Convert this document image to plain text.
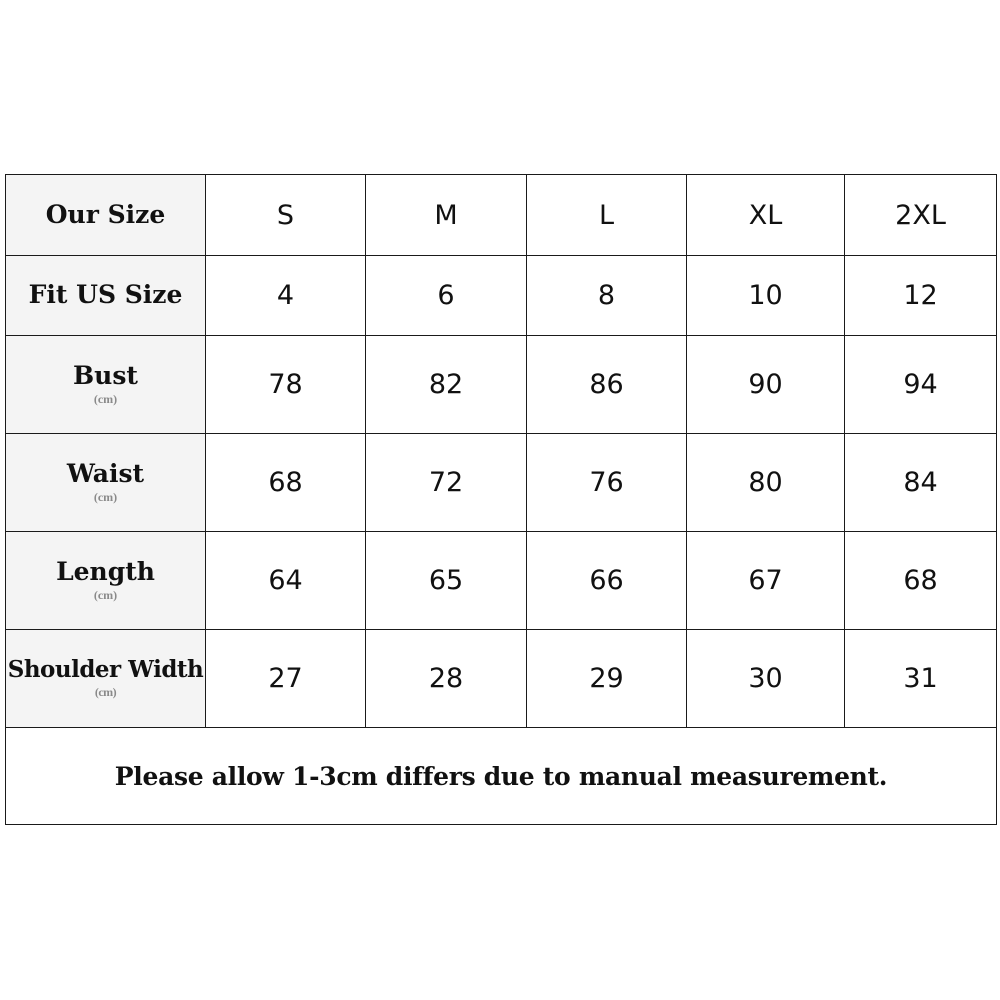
Our Size	S	M	L	XL	2XL
Fit US Size	4	6	8	10	12
Bust
(cm)	78	82	86	90	94
Waist
(cm)	68	72	76	80	84
Length
(cm)	64	65	66	67	68
Shoulder Width
(cm)	27	28	29	30	31
Please allow 1-3cm differs due to manual measurement.					
